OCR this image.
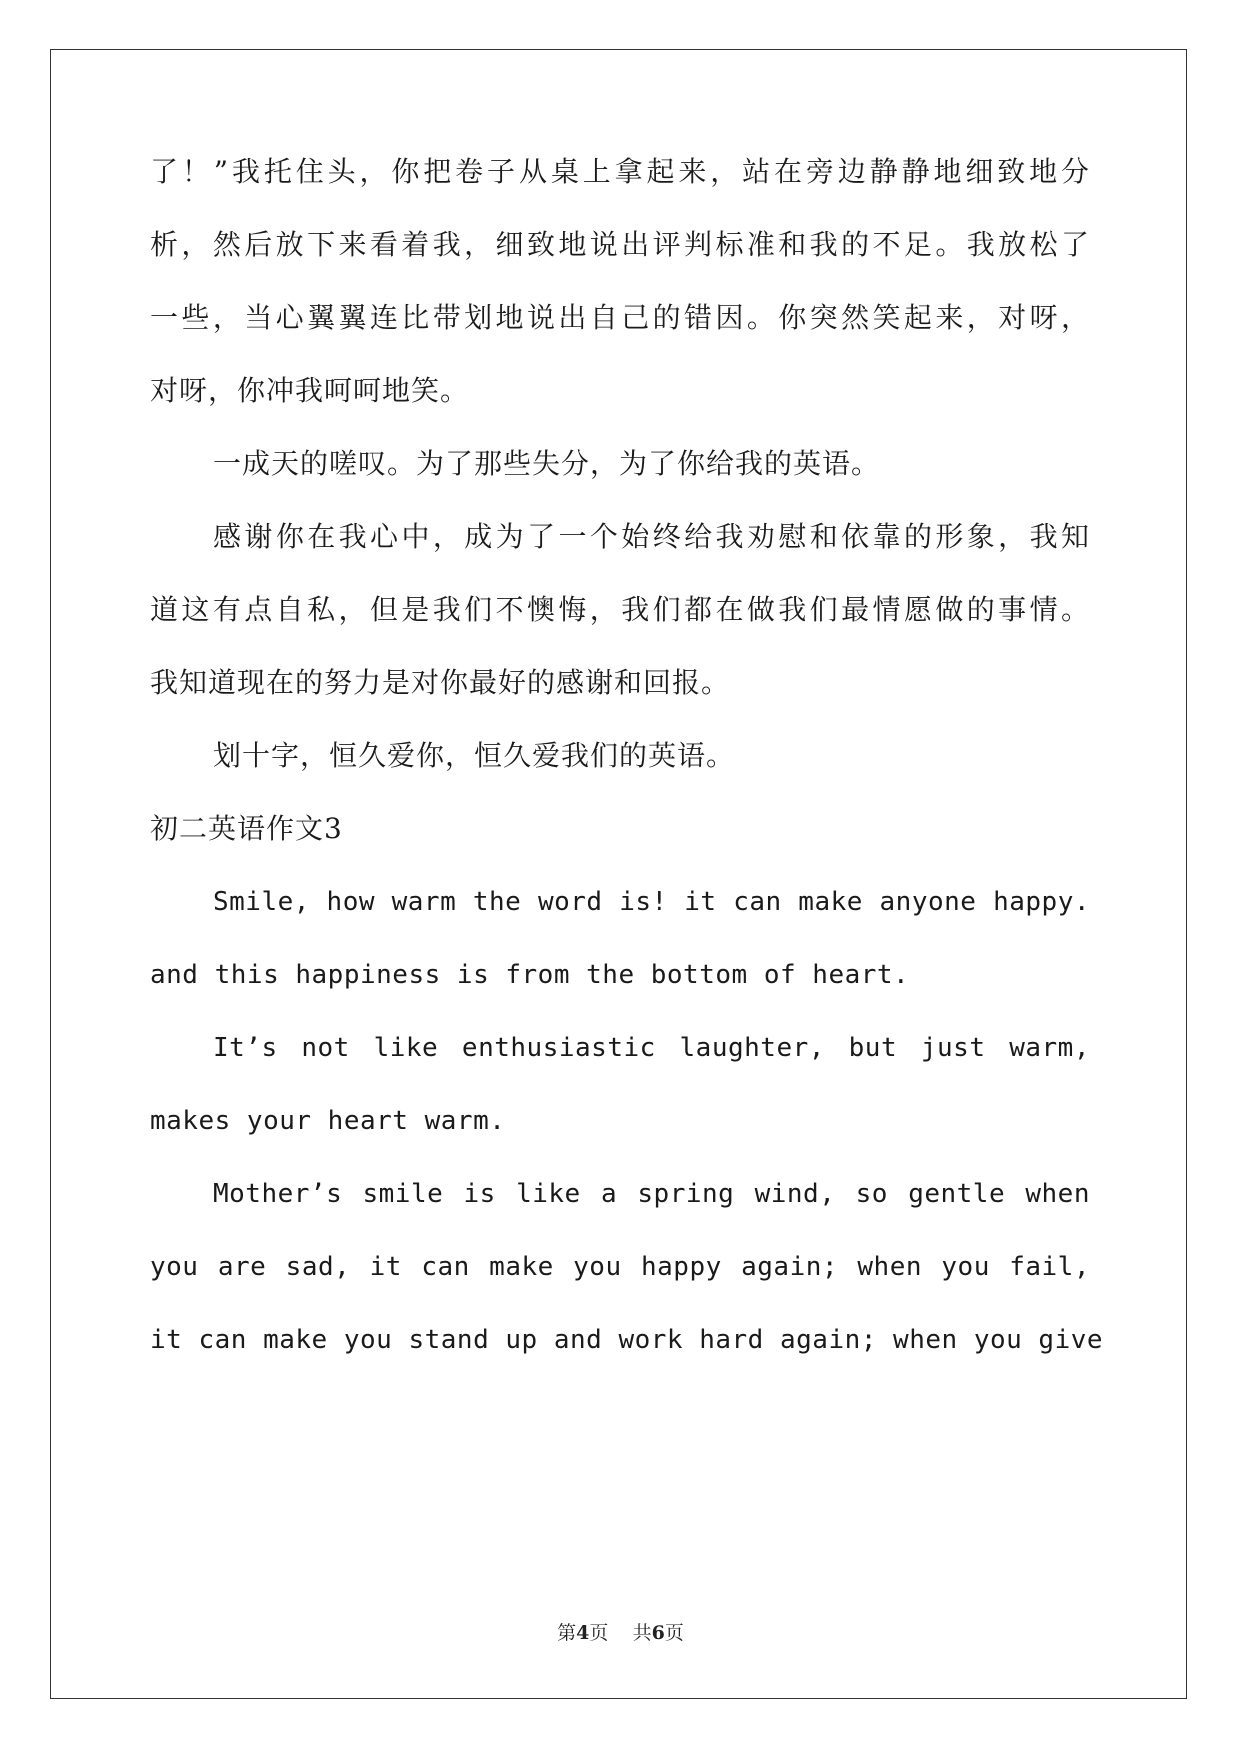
了！”我托住头，你把卷子从桌上拿起来，站在旁边静静地细致地分
析，然后放下来看着我，细致地说出评判标准和我的不足。我放松了
一些，当心翼翼连比带划地说出自己的错因。你突然笑起来，对呀，
对呀，你冲我呵呵地笑。
一成天的嗟叹。为了那些失分，为了你给我的英语。
感谢你在我心中，成为了一个始终给我劝慰和依靠的形象，我知
道这有点自私，但是我们不懊悔，我们都在做我们最情愿做的事情。
我知道现在的努力是对你最好的感谢和回报。
划十字，恒久爱你，恒久爱我们的英语。
初二英语作文3
Smile, how warm the word is! it can make anyone happy.
and this happiness is from the bottom of heart.
It’s not like enthusiastic laughter, but just warm,
makes your heart warm.
Mother’s smile is like a spring wind, so gentle when
you are sad, it can make you happy again; when you fail,
it can make you stand up and work hard again; when you give
第4页 共6页
